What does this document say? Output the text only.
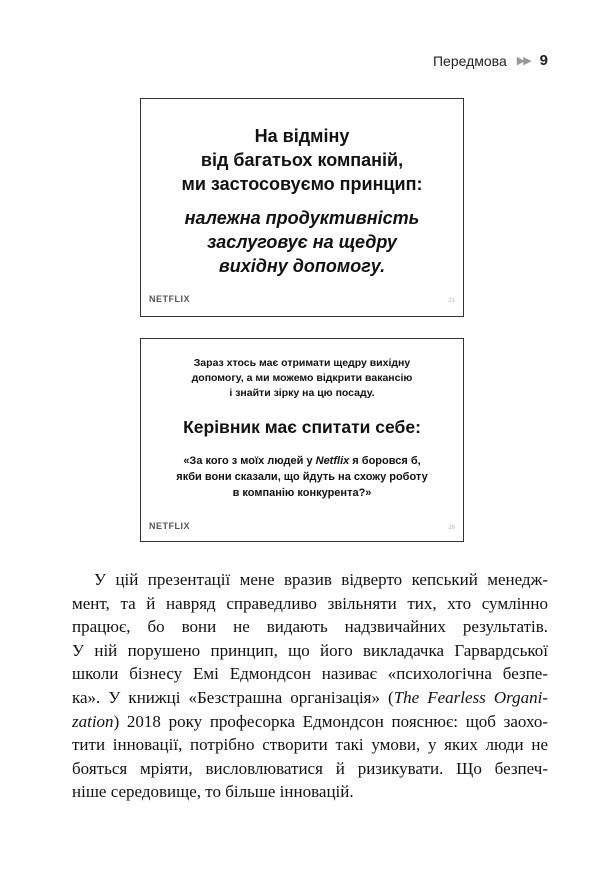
Передмова ▶▶ 9
На відміну
від багатьох компаній,
ми застосовуємо принцип:
належна продуктивність
заслуговує на щедру
вихідну допомогу.
NETFLIX	21
Зараз хтось має отримати щедру вихідну
допомогу, а ми можемо відкрити вакансію
і знайти зірку на цю посаду.
Керівник має спитати себе:
«За кого з моїх людей у Netflix я боровся б,
якби вони сказали, що йдуть на схожу роботу
в компанію конкурента?»
NETFLIX	26
У цій презентації мене вразив відверто кепський менедж-
мент, та й навряд справедливо звільняти тих, хто сумлінно
працює, бо вони не видають надзвичайних результатів.
У ній порушено принцип, що його викладачка Гарвардської
школи бізнесу Емі Едмондсон називає «психологічна безпе-
ка». У книжці «Безстрашна організація» (The Fearless Organi-
zation) 2018 року професорка Едмондсон пояснює: щоб заохо-
тити інновації, потрібно створити такі умови, у яких люди не
бояться мріяти, висловлюватися й ризикувати. Що безпеч-
ніше середовище, то більше інновацій.
